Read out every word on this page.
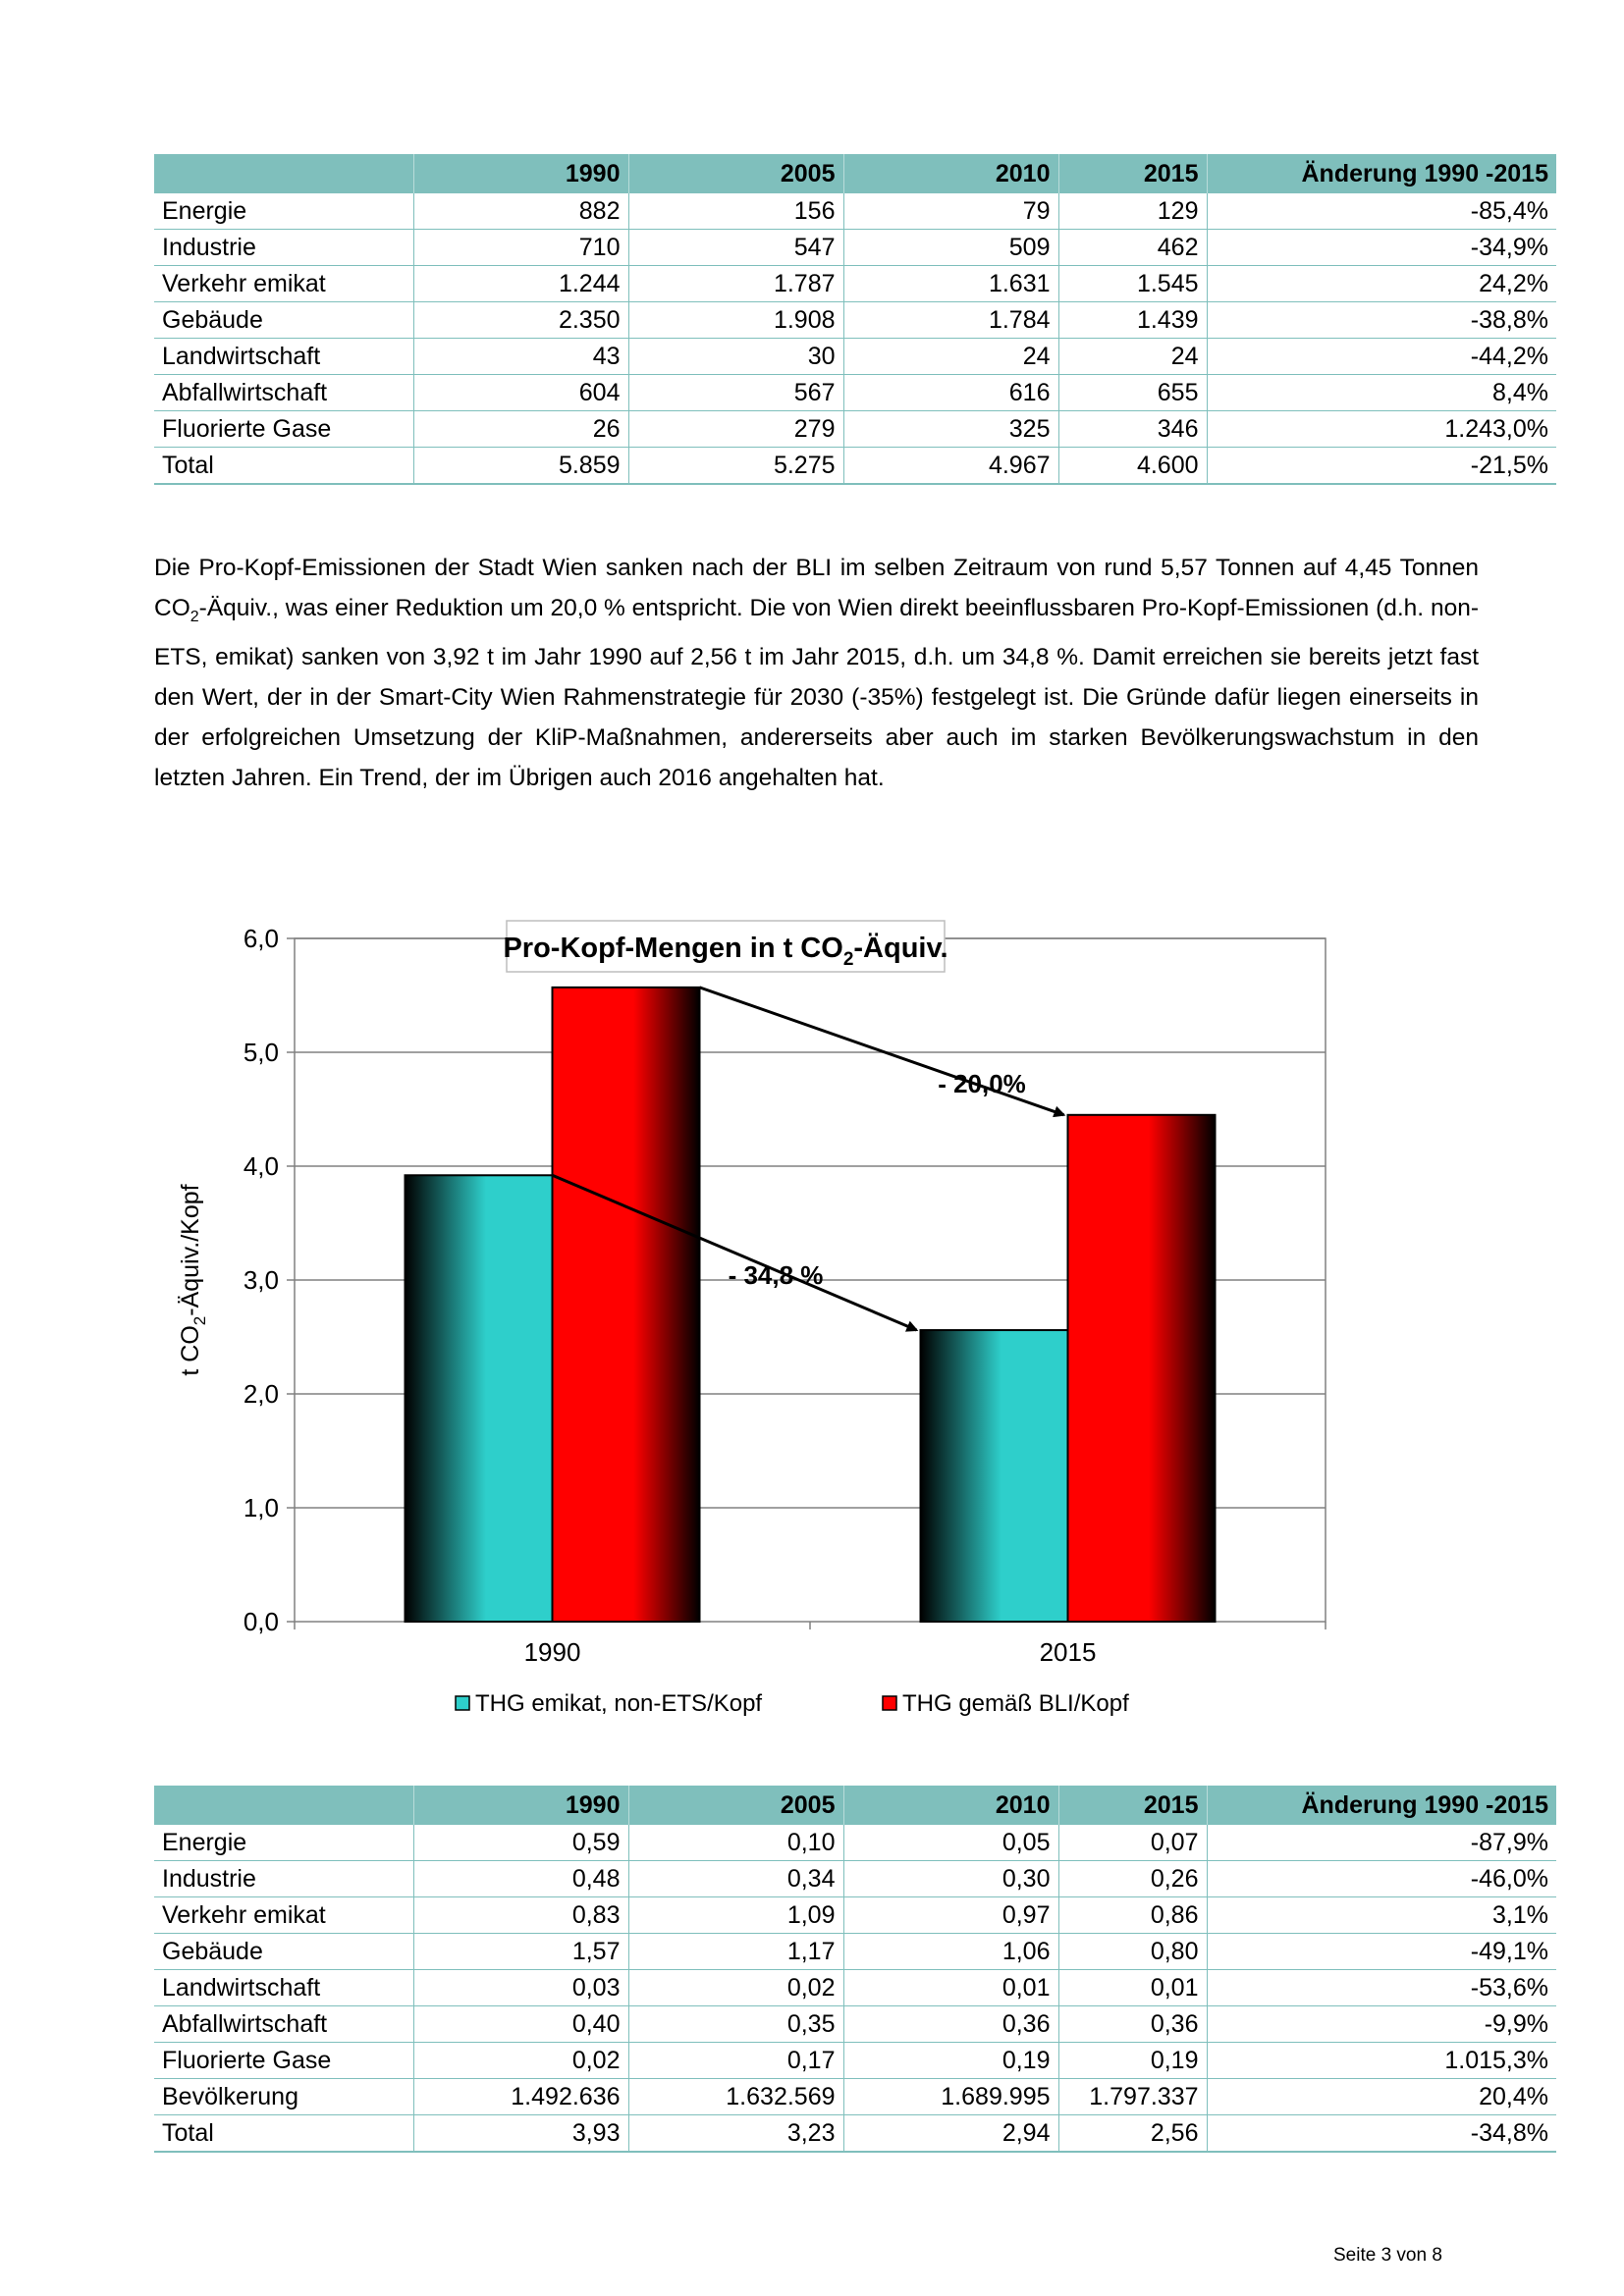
	1990	2005	2010	2015	Änderung 1990 -2015
Energie	882	156	79	129	-85,4%
Industrie	710	547	509	462	-34,9%
Verkehr emikat	1.244	1.787	1.631	1.545	24,2%
Gebäude	2.350	1.908	1.784	1.439	-38,8%
Landwirtschaft	43	30	24	24	-44,2%
Abfallwirtschaft	604	567	616	655	8,4%
Fluorierte Gase	26	279	325	346	1.243,0%
Total	5.859	5.275	4.967	4.600	-21,5%

Die Pro-Kopf-Emissionen der Stadt Wien sanken nach der BLI im selben Zeitraum von rund 5,57 Tonnen auf 4,45 Tonnen $CO_2$-Äquiv., was einer Reduktion um 20,0 % entspricht. Die von Wien direkt beeinflussbaren Pro-Kopf-Emissionen (d.h. non-ETS, emikat) sanken von 3,92 t im Jahr 1990 auf 2,56 t im Jahr 2015, d.h. um 34,8 %. Damit erreichen sie bereits jetzt fast den Wert, der in der Smart-City Wien Rahmenstrategie für 2030 (-35%) festgelegt ist. Die Gründe dafür liegen einerseits in der erfolgreichen Umsetzung der KliP-Maßnahmen, andererseits aber auch im starken Bevölkerungswachstum in den letzten Jahren. Ein Trend, der im Übrigen auch 2016 angehalten hat.

0,0
1,0
2,0
3,0
4,0
5,0
6,0
1990	2015
- 20,0%
- 34,8 %
Pro-Kopf-Mengen in t $CO_2$-Äquiv.
t $CO_2-Äquiv$./Kopf
THG emikat, non-ETS/Kopf	THG gemäß BLI/Kopf
	1990	2005	2010	2015	Änderung 1990 -2015
Energie	0,59	0,10	0,05	0,07	-87,9%
Industrie	0,48	0,34	0,30	0,26	-46,0%
Verkehr emikat	0,83	1,09	0,97	0,86	3,1%
Gebäude	1,57	1,17	1,06	0,80	-49,1%
Landwirtschaft	0,03	0,02	0,01	0,01	-53,6%
Abfallwirtschaft	0,40	0,35	0,36	0,36	-9,9%
Fluorierte Gase	0,02	0,17	0,19	0,19	1.015,3%
Bevölkerung	1.492.636	1.632.569	1.689.995	1.797.337	20,4%
Total	3,93	3,23	2,94	2,56	-34,8%
Seite 3 von 8
